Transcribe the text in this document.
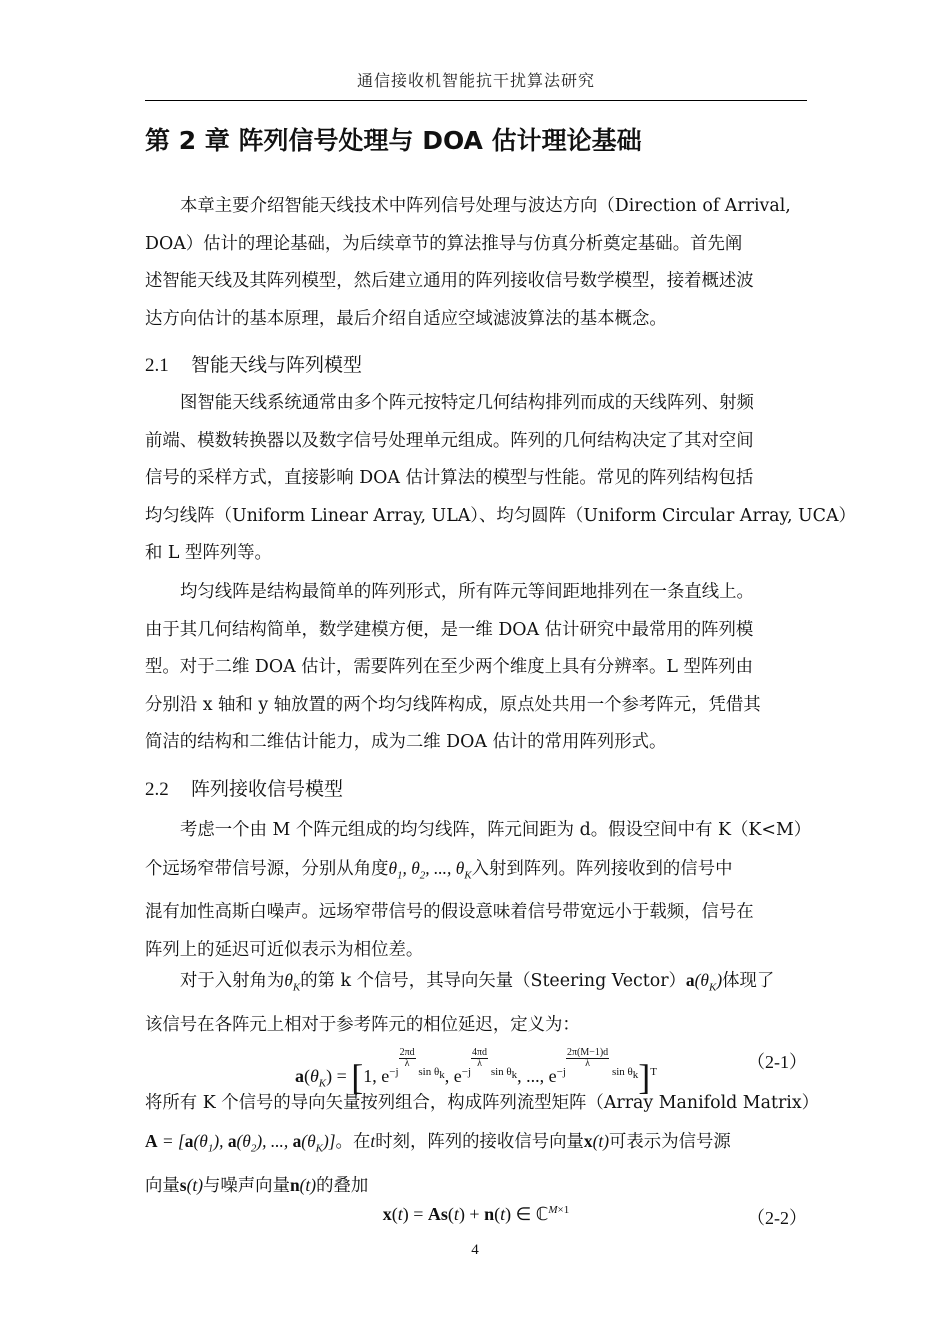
通信接收机智能抗干扰算法研究
第 2 章 阵列信号处理与 DOA 估计理论基础
本章主要介绍智能天线技术中阵列信号处理与波达方向（Direction of Arrival,
DOA）估计的理论基础，为后续章节的算法推导与仿真分析奠定基础。首先阐
述智能天线及其阵列模型，然后建立通用的阵列接收信号数学模型，接着概述波
达方向估计的基本原理，最后介绍自适应空域滤波算法的基本概念。
2.1 智能天线与阵列模型
图智能天线系统通常由多个阵元按特定几何结构排列而成的天线阵列、射频
前端、模数转换器以及数字信号处理单元组成。阵列的几何结构决定了其对空间
信号的采样方式，直接影响 DOA 估计算法的模型与性能。常见的阵列结构包括
均匀线阵（Uniform Linear Array, ULA）、均匀圆阵（Uniform Circular Array, UCA）
和 L 型阵列等。
均匀线阵是结构最简单的阵列形式，所有阵元等间距地排列在一条直线上。
由于其几何结构简单，数学建模方便，是一维 DOA 估计研究中最常用的阵列模
型。对于二维 DOA 估计，需要阵列在至少两个维度上具有分辨率。L 型阵列由
分别沿 x 轴和 y 轴放置的两个均匀线阵构成，原点处共用一个参考阵元，凭借其
简洁的结构和二维估计能力，成为二维 DOA 估计的常用阵列形式。
2.2 阵列接收信号模型
考虑一个由 M 个阵元组成的均匀线阵，阵元间距为 d。假设空间中有 K（K<M）
个远场窄带信号源，分别从角度$\theta_1$, $\theta_2$, ..., $\theta_K$入射到阵列。阵列接收到的信号中
混有加性高斯白噪声。远场窄带信号的假设意味着信号带宽远小于载频，信号在
阵列上的延迟可近似表示为相位差。
对于入射角为$\theta_K$的第 k 个信号，其导向矢量（Steering $Vector)a(\theta_K)$体现了
该信号在各阵元上相对于参考阵元的相位延迟，定义为：
$a(\theta_K) = [1$, $e^{-j \frac{2\pi d}{\lambda} sin \theta_k}$, $e^{-j \frac{4\pi d}{\lambda} sin \theta_k}$, ..., $e^{-j \frac{2\pi(M-1)d}{\lambda} sin \theta_k}]^T$	（2-1）
将所有 K 个信号的导向矢量按列组合，构成阵列流型矩阵（Array Manifold Matrix）
$A = [a(\theta_1)$, $a(\theta_2)$, ..., $a(\theta_K)$]。在t时刻，阵列的接收信号向量x(t)可表示为信号源
向量s(t)与噪声向量n(t)的叠加
x(t) = As(t) + n(t) ∈ ℂ$^{M\times 1}$	（2-2）
4
